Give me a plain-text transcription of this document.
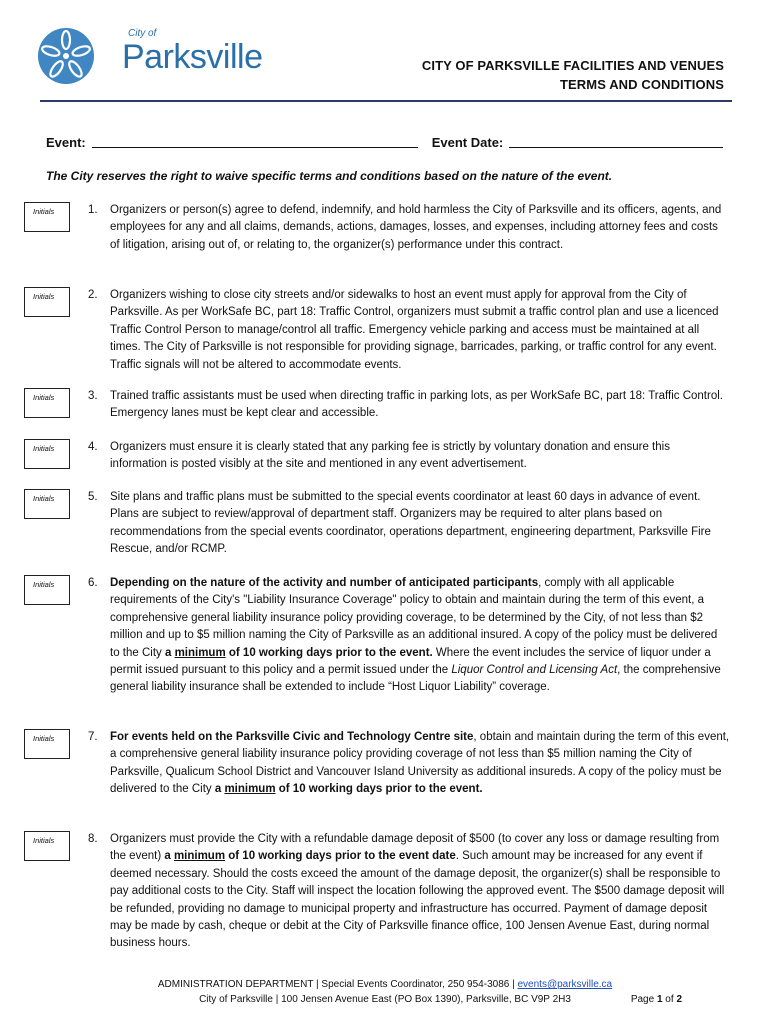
City of
Parksville	CITY OF PARKSVILLE FACILITIES AND VENUES
TERMS AND CONDITIONS
Event:	Event Date:
The City reserves the right to waive specific terms and conditions based on the nature of the event.
Initials	1.	Organizers or person(s) agree to defend, indemnify, and hold harmless the City of Parksville and its officers, agents, and employees for any and all claims, demands, actions, damages, losses, and expenses, including attorney fees and costs of litigation, arising out of, or relating to, the organizer(s) performance under this contract.
Initials	2.	Organizers wishing to close city streets and/or sidewalks to host an event must apply for approval from the City of Parksville. As per WorkSafe BC, part 18: Traffic Control, organizers must submit a traffic control plan and use a licenced Traffic Control Person to manage/control all traffic. Emergency vehicle parking and access must be maintained at all times. The City of Parksville is not responsible for providing signage, barricades, parking, or traffic control for any event. Traffic signals will not be altered to accommodate events.
Initials	3.	Trained traffic assistants must be used when directing traffic in parking lots, as per WorkSafe BC, part 18: Traffic Control. Emergency lanes must be kept clear and accessible.
Initials	4.	Organizers must ensure it is clearly stated that any parking fee is strictly by voluntary donation and ensure this information is posted visibly at the site and mentioned in any event advertisement.
Initials	5.	Site plans and traffic plans must be submitted to the special events coordinator at least 60 days in advance of event. Plans are subject to review/approval of department staff. Organizers may be required to alter plans based on recommendations from the special events coordinator, operations department, engineering department, Parksville Fire Rescue, and/or RCMP.
Initials	6.	Depending on the nature of the activity and number of anticipated participants, comply with all applicable requirements of the City's "Liability Insurance Coverage" policy to obtain and maintain during the term of this event, a comprehensive general liability insurance policy providing coverage, to be determined by the City, of not less than $2 million and up to $5 million naming the City of Parksville as an additional insured. A copy of the policy must be delivered to the City a minimum of 10 working days prior to the event. Where the event includes the service of liquor under a permit issued pursuant to this policy and a permit issued under the Liquor Control and Licensing Act, the comprehensive general liability insurance shall be extended to include “Host Liquor Liability” coverage.
Initials	7.	For events held on the Parksville Civic and Technology Centre site, obtain and maintain during the term of this event, a comprehensive general liability insurance policy providing coverage of not less than $5 million naming the City of Parksville, Qualicum School District and Vancouver Island University as additional insureds. A copy of the policy must be delivered to the City a minimum of 10 working days prior to the event.
Initials	8.	Organizers must provide the City with a refundable damage deposit of $500 (to cover any loss or damage resulting from the event) a minimum of 10 working days prior to the event date. Such amount may be increased for any event if deemed necessary. Should the costs exceed the amount of the damage deposit, the organizer(s) shall be responsible to pay additional costs to the City. Staff will inspect the location following the approved event. The $500 damage deposit will be refunded, providing no damage to municipal property and infrastructure has occurred. Payment of damage deposit may be made by cash, cheque or debit at the City of Parksville finance office, 100 Jensen Avenue East, during normal business hours.
ADMINISTRATION DEPARTMENT | Special Events Coordinator, 250 954-3086 | events@parksville.ca
City of Parksville | 100 Jensen Avenue East (PO Box 1390), Parksville, BC V9P 2H3	Page 1 of 2
